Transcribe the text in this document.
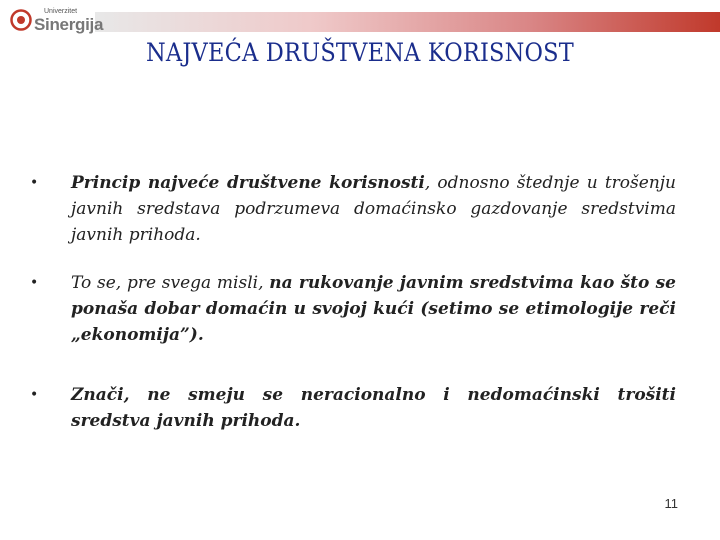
Univerzitet
Sinergija
NAJVEĆA DRUŠTVENA KORISNOST
• Princip najveće društvene korisnosti, odnosno štednje u trošenju javnih sredstava podrzumeva domaćinsko gazdovanje sredstvima javnih prihoda.
• To se, pre svega misli, na rukovanje javnim sredstvima kao što se ponaša dobar domaćin u svojoj kući (setimo se etimologije reči „ekonomija”).
• Znači, ne smeju se neracionalno i nedomaćinski trošiti sredstva javnih prihoda.
11
